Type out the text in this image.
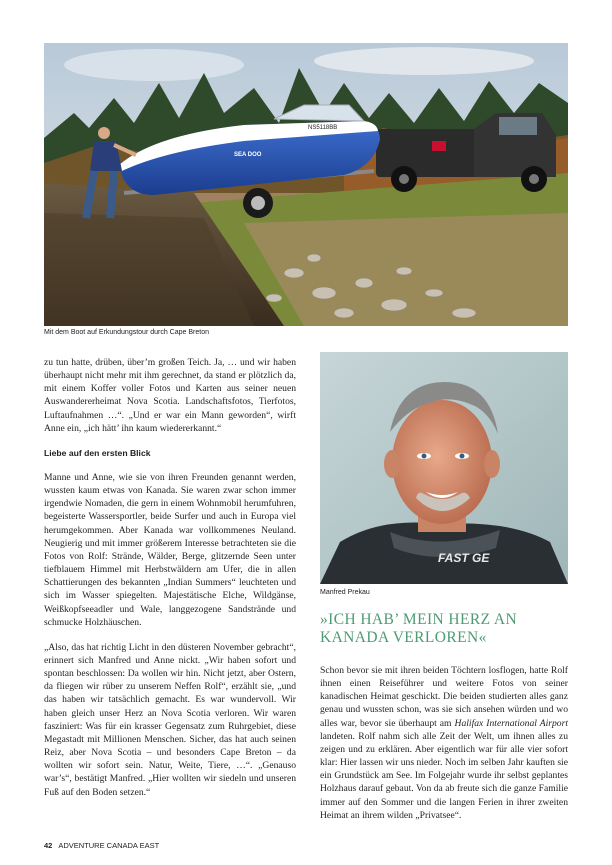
NS5118BB
SEA DOO
Mit dem Boot auf Erkundungstour durch Cape Breton

zu tun hatte, drüben, über’m großen Teich. Ja, … und wir haben überhaupt nicht mehr mit ihm gerechnet, da stand er plötzlich da, mit einem Koffer voller Fotos und Karten aus seiner neuen Auswandererheimat Nova Scotia. Landschaftsfotos, Tierfotos, Luftaufnahmen …“. „Und er war ein Mann geworden“, wirft Anne ein, „ich hätt’ ihn kaum wiedererkannt.“

Liebe auf den ersten Blick

Manne und Anne, wie sie von ihren Freunden genannt werden, wussten kaum etwas von Kanada. Sie waren zwar schon immer irgendwie Nomaden, die gern in einem Wohnmobil herumfuhren, begeisterte Wassersportler, beide Surfer und auch in Europa viel herumgekommen. Aber Kanada war vollkommenes Neuland. Neugierig und mit immer größerem Interesse betrachteten sie die Fotos von Rolf: Strände, Wälder, Berge, glitzernde Seen unter tiefblauem Himmel mit Herbstwäldern am Ufer, die in allen Schattierungen des bekannten „Indian Summers“ leuchteten und sich im Wasser spiegelten. Majestätische Elche, Wildgänse, Weißkopfseeadler und Wale, langgezogene Sandstrände und schmucke Holzhäuschen.

„Also, das hat richtig Licht in den düsteren November gebracht“, erinnert sich Manfred und Anne nickt. „Wir haben sofort und spontan beschlossen: Da wollen wir hin. Nicht jetzt, aber Ostern, da fliegen wir rüber zu unserem Neffen Rolf“, erzählt sie, „und das haben wir tatsächlich gemacht. Es war wundervoll. Wir haben gleich unser Herz an Nova Scotia verloren. Wir waren fasziniert: Was für ein krasser Gegensatz zum Ruhrgebiet, diese Megastadt mit Millionen Menschen. Sicher, das hat auch seinen Reiz, aber Nova Scotia – und besonders Cape Breton – da wollten wir sofort sein. Natur, Weite, Tiere, …“. „Genauso war’s“, bestätigt Manfred. „Hier wollten wir siedeln und unseren Fuß auf den Boden setzen.“

FAST GE
Manfred Prekau
»ICH HAB’ MEIN HERZ AN KANADA VERLOREN«

Schon bevor sie mit ihren beiden Töchtern losflogen, hatte Rolf ihnen einen Reiseführer und weitere Fotos von seiner kanadischen Heimat geschickt. Die beiden studierten alles ganz genau und wussten schon, was sie sich ansehen würden und wo alles war, bevor sie überhaupt am Halifax International Airport landeten. Rolf nahm sich alle Zeit der Welt, um ihnen alles zu zeigen und zu erklären. Aber eigentlich war für alle vier sofort klar: Hier lassen wir uns nieder. Noch im selben Jahr kauften sie ein Grundstück am See. Im Folgejahr wurde ihr selbst geplantes Holzhaus darauf gebaut. Von da ab freute sich die ganze Familie immer auf den Sommer und die langen Ferien in ihrer zweiten Heimat an ihrem wilden „Privatsee“.

42 ADVENTURE CANADA EAST
